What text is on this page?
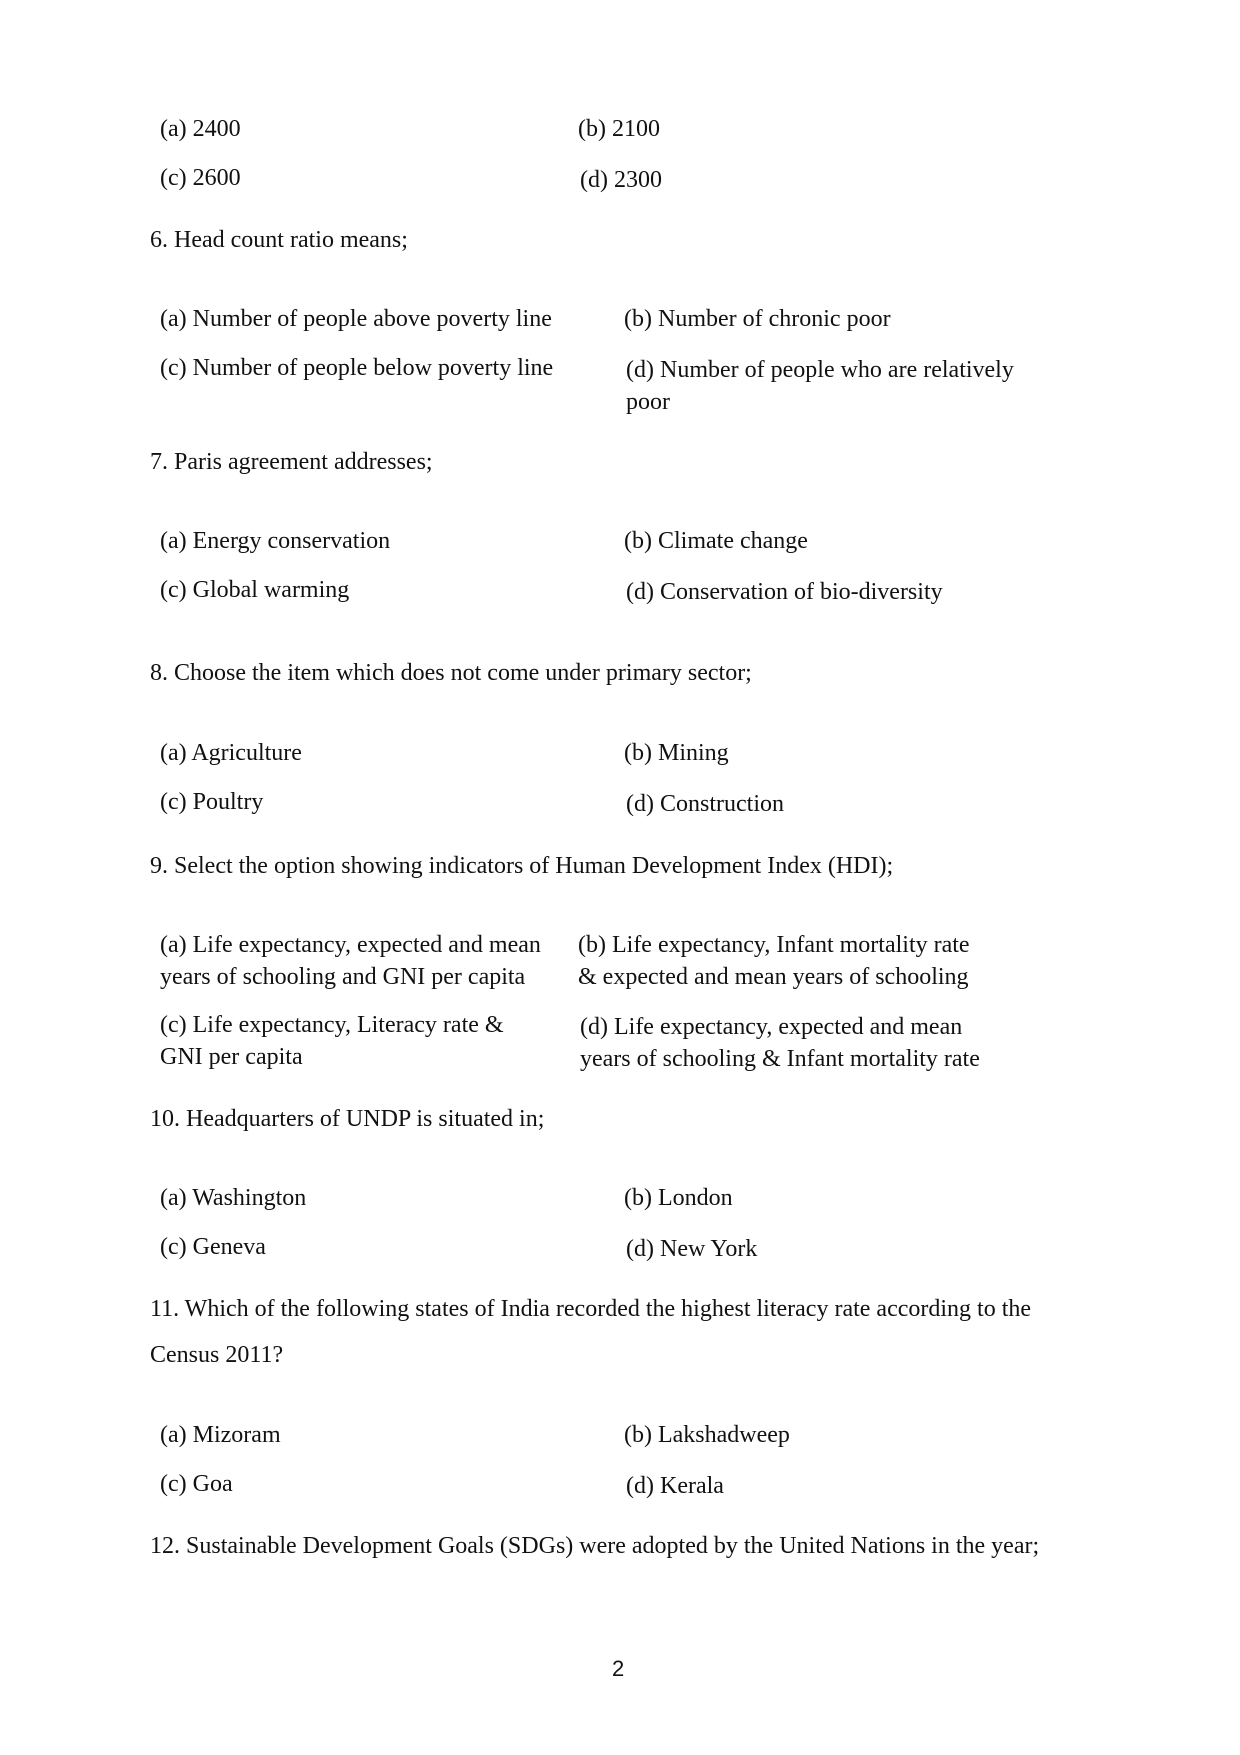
(a) 2400	(b) 2100
(c) 2600	(d) 2300
6. Head count ratio means;
(a) Number of people above poverty line	(b) Number of chronic poor
(c) Number of people below poverty line	(d) Number of people who are relatively
poor
7. Paris agreement addresses;
(a) Energy conservation	(b) Climate change
(c) Global warming	(d) Conservation of bio-diversity
8. Choose the item which does not come under primary sector;
(a) Agriculture	(b) Mining
(c) Poultry	(d) Construction
9. Select the option showing indicators of Human Development Index (HDI);
(a) Life expectancy, expected and mean
years of schooling and GNI per capita
(b) Life expectancy, Infant mortality rate
& expected and mean years of schooling
(c) Life expectancy, Literacy rate &
GNI per capita
(d) Life expectancy, expected and mean
years of schooling & Infant mortality rate
10. Headquarters of UNDP is situated in;
(a) Washington	(b) London
(c) Geneva	(d) New York
11. Which of the following states of India recorded the highest literacy rate according to the
Census 2011?
(a) Mizoram	(b) Lakshadweep
(c) Goa	(d) Kerala
12. Sustainable Development Goals (SDGs) were adopted by the United Nations in the year;
2
